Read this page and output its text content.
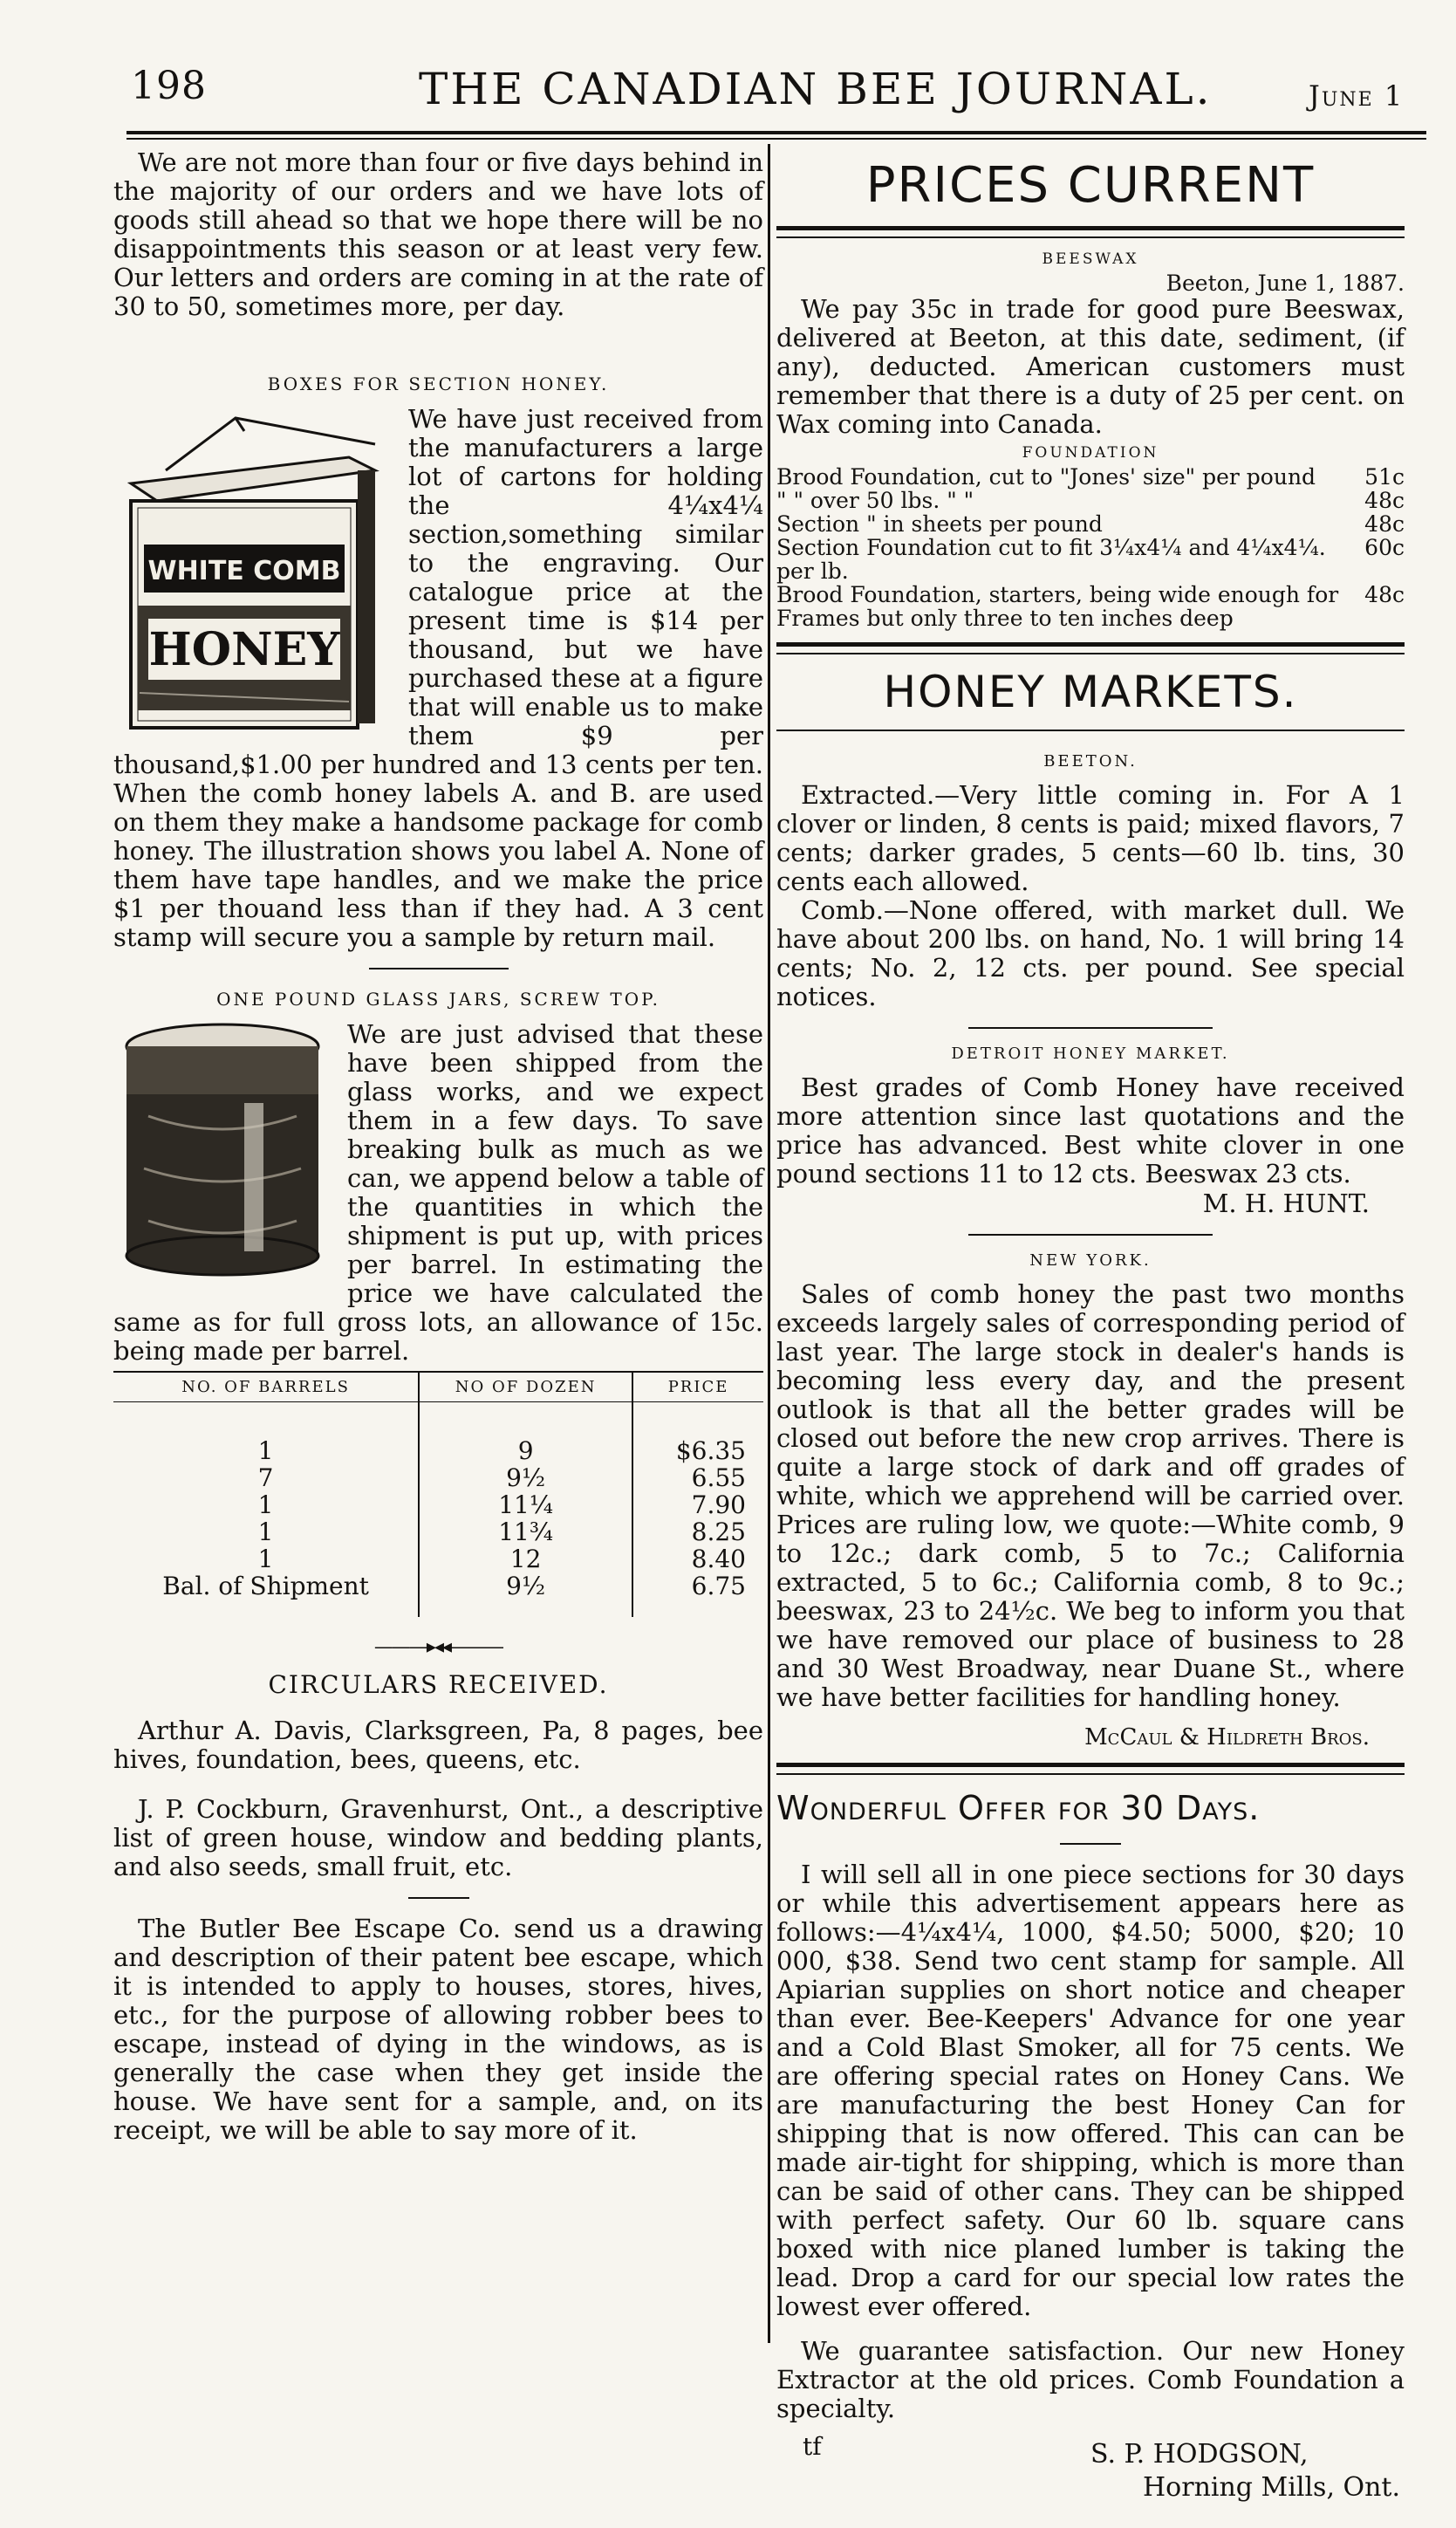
198	THE CANADIAN BEE JOURNAL.	June 1

We are not more than four or five days behind in the majority of our orders and we have lots of goods still ahead so that we hope there will be no disappointments this season or at least very few. Our letters and orders are coming in at the rate of 30 to 50, sometimes more, per day.

BOXES FOR SECTION HONEY.
WHITE COMB
HONEY

We have just received from the manufacturers a large lot of cartons for holding the 4¼x4¼ section,something similar to the engraving. Our catalogue price at the present time is $14 per thousand, but we have purchased these at a figure that will enable us to make them $9 per thousand,$1.00 per hundred and 13 cents per ten. When the comb honey labels A. and B. are used on them they make a handsome package for comb honey. The illustration shows you label A. None of them have tape handles, and we make the price $1 per thouand less than if they had. A 3 cent stamp will secure you a sample by return mail.

ONE POUND GLASS JARS, SCREW TOP.

We are just advised that these have been shipped from the glass works, and we expect them in a few days. To save breaking bulk as much as we can, we append below a table of the quantities in which the shipment is put up, with prices per barrel. In estimating the price we have calculated the same as for full gross lots, an allowance of 15c. being made per barrel.

NO. OF BARRELS	NO OF DOZEN	PRICE

1	9	$6.35
7	9½	6.55
1	11¼	7.90
1	11¾	8.25
1	12	8.40
Bal. of Shipment	9½	6.75

———▸◂◂———
CIRCULARS RECEIVED.

Arthur A. Davis, Clarksgreen, Pa, 8 pages, bee hives, foundation, bees, queens, etc.

J. P. Cockburn, Gravenhurst, Ont., a descriptive list of green house, window and bedding plants, and also seeds, small fruit, etc.

The Butler Bee Escape Co. send us a drawing and description of their patent bee escape, which it is intended to apply to houses, stores, hives, etc., for the purpose of allowing robber bees to escape, instead of dying in the windows, as is generally the case when they get inside the house. We have sent for a sample, and, on its receipt, we will be able to say more of it.

PRICES CURRENT
BEESWAX
Beeton, June 1, 1887.

We pay 35c in trade for good pure Beeswax, delivered at Beeton, at this date, sediment, (if any), deducted. American customers must remember that there is a duty of 25 per cent. on Wax coming into Canada.

FOUNDATION
Brood Foundation, cut to "Jones' size" per pound 51c
" " over 50 lbs. " "	48c
Section " in sheets per pound	48c
Section Foundation cut to fit 3¼x4¼ and 4¼x4¼. per lb.
60c
Brood Foundation, starters, being wide enough for Frames but only three to ten inches deep
48c
HONEY MARKETS.
BEETON.

Extracted.—Very little coming in. For A 1 clover or linden, 8 cents is paid; mixed flavors, 7 cents; darker grades, 5 cents—60 lb. tins, 30 cents each allowed.

Comb.—None offered, with market dull. We have about 200 lbs. on hand, No. 1 will bring 14 cents; No. 2, 12 cts. per pound. See special notices.

DETROIT HONEY MARKET.

Best grades of Comb Honey have received more attention since last quotations and the price has advanced. Best white clover in one pound sections 11 to 12 cts. Beeswax 23 cts.

M. H. HUNT.
NEW YORK.

Sales of comb honey the past two months exceeds largely sales of corresponding period of last year. The large stock in dealer's hands is becoming less every day, and the present outlook is that all the better grades will be closed out before the new crop arrives. There is quite a large stock of dark and off grades of white, which we apprehend will be carried over. Prices are ruling low, we quote:—White comb, 9 to 12c.; dark comb, 5 to 7c.; California extracted, 5 to 6c.; California comb, 8 to 9c.; beeswax, 23 to 24½c. We beg to inform you that we have removed our place of business to 28 and 30 West Broadway, near Duane St., where we have better facilities for handling honey.

McCaul & Hildreth Bros.
Wonderful Offer for 30 Days.

I will sell all in one piece sections for 30 days or while this advertisement appears here as follows:—4¼x4¼, 1000, $4.50; 5000, $20; 10 000, $38. Send two cent stamp for sample. All Apiarian supplies on short notice and cheaper than ever. Bee-Keepers' Advance for one year and a Cold Blast Smoker, all for 75 cents. We are offering special rates on Honey Cans. We are manufacturing the best Honey Can for shipping that is now offered. This can can be made air-tight for shipping, which is more than can be said of other cans. They can be shipped with perfect safety. Our 60 lb. square cans boxed with nice planed lumber is taking the lead. Drop a card for our special low rates the lowest ever offered.

We guarantee satisfaction. Our new Honey Extractor at the old prices. Comb Foundation a specialty.

tf	S. P. HODGSON,
Horning Mills, Ont.
